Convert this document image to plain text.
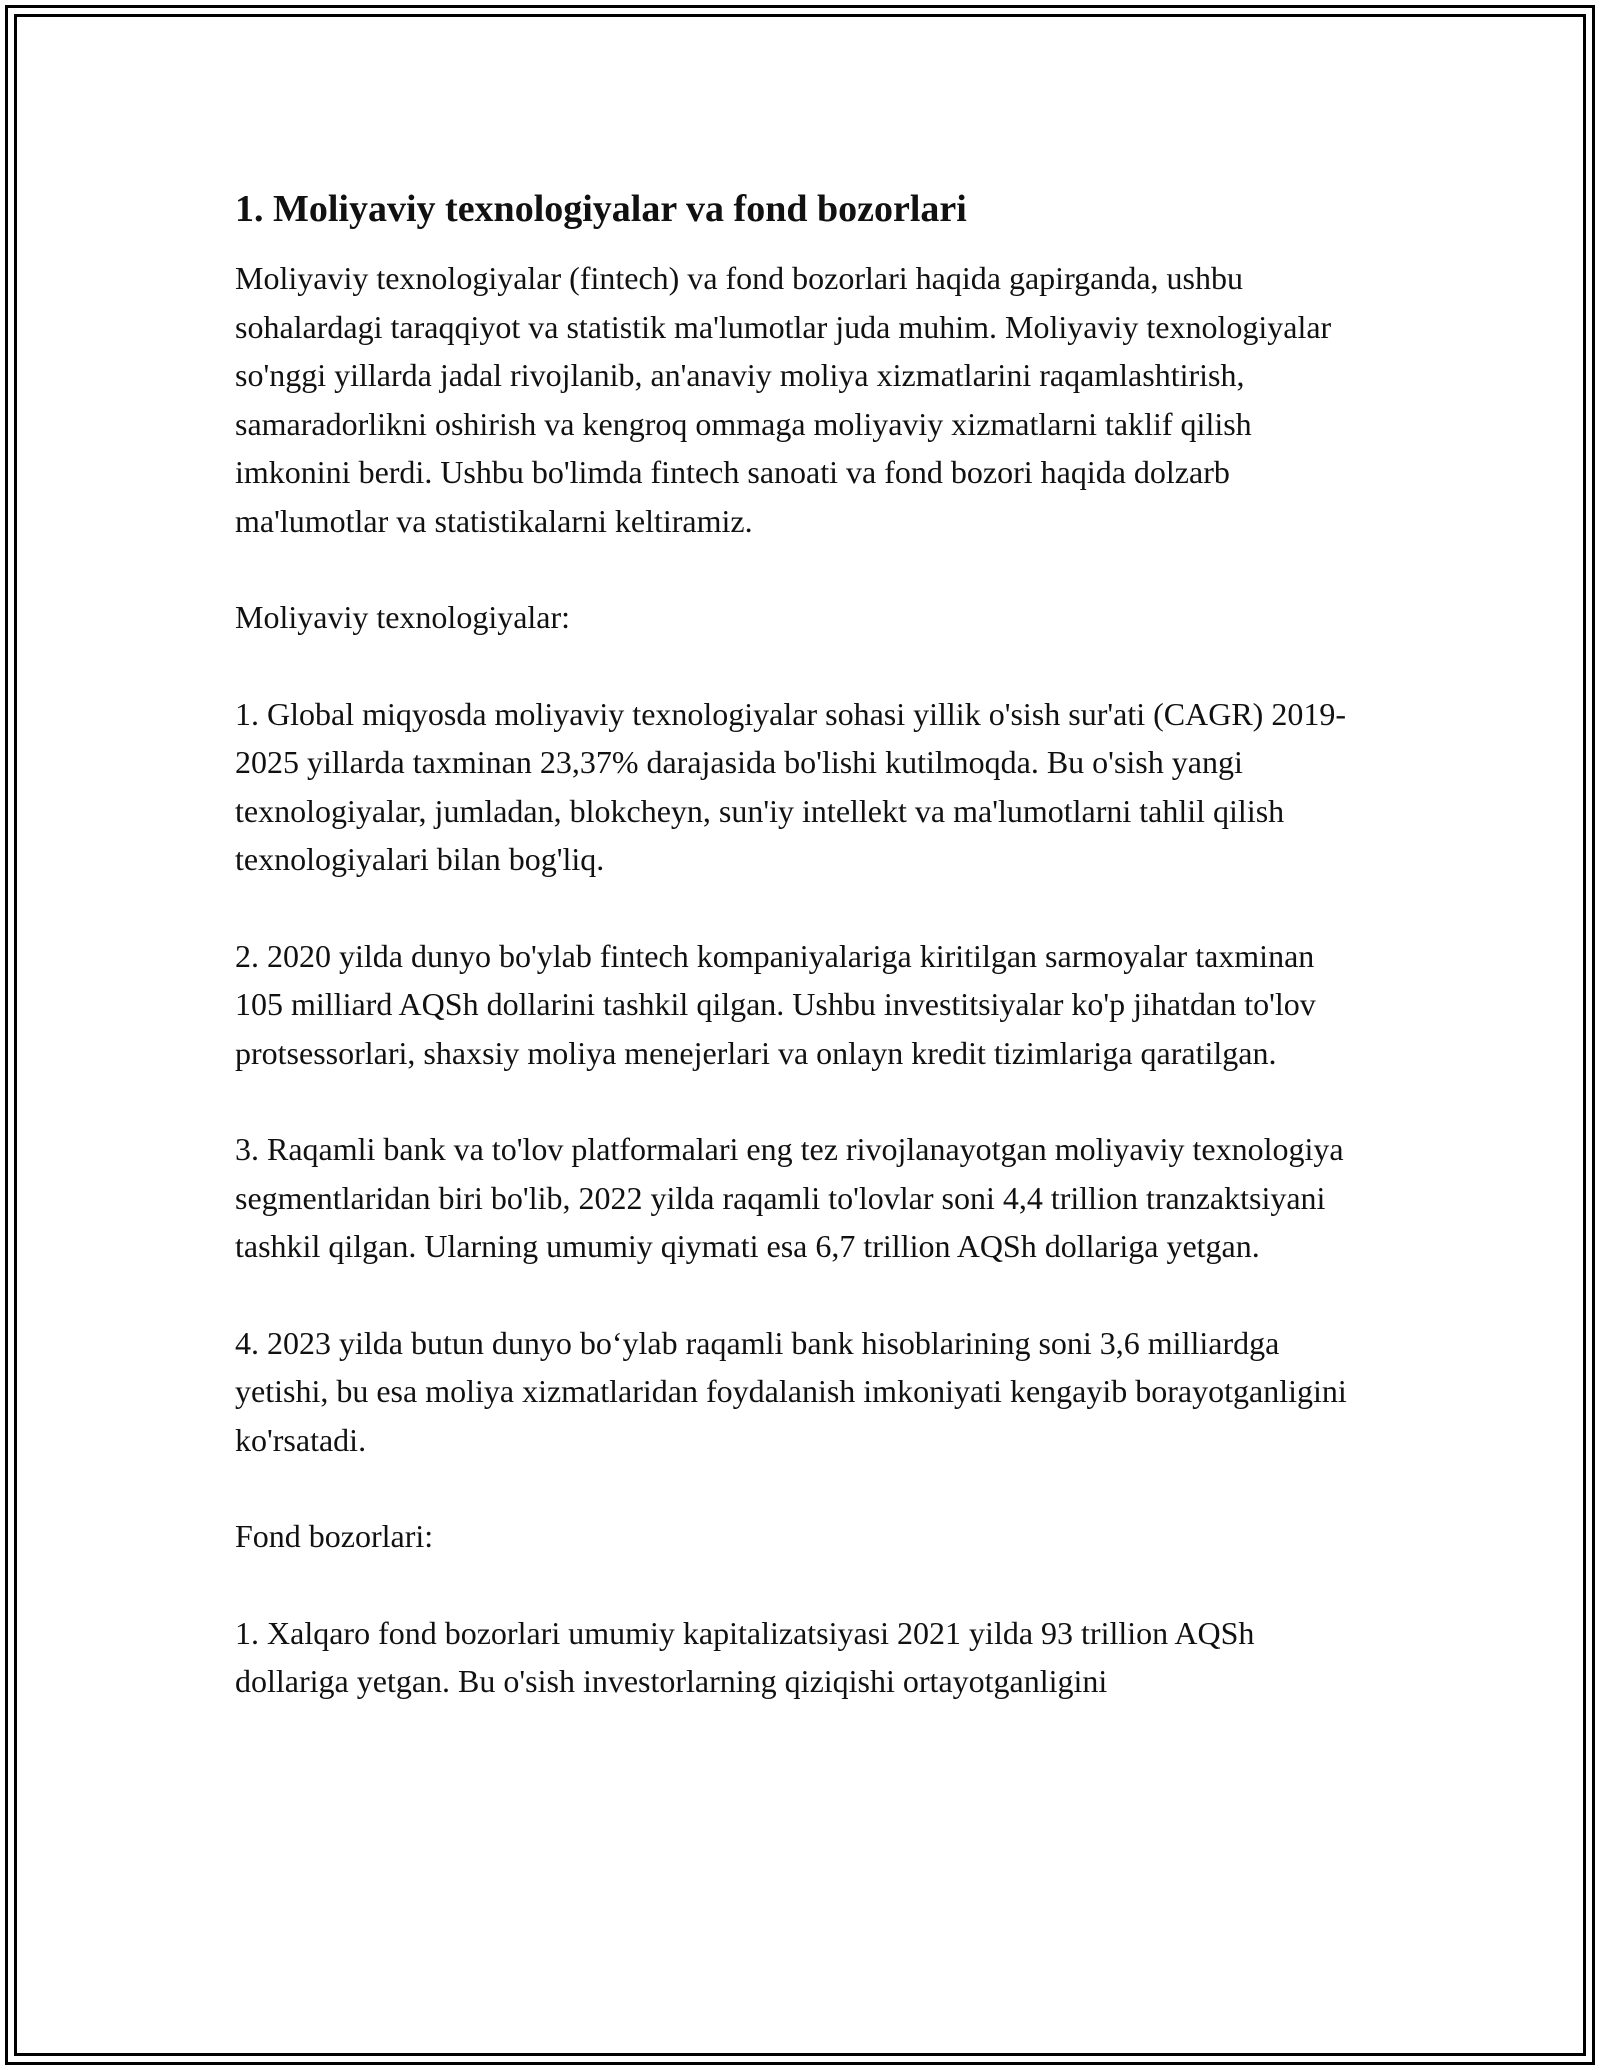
1. Moliyaviy texnologiyalar va fond bozorlari

Moliyaviy texnologiyalar (fintech) va fond bozorlari haqida gapirganda, ushbu sohalardagi taraqqiyot va statistik ma'lumotlar juda muhim. Moliyaviy texnologiyalar so'nggi yillarda jadal rivojlanib, an'anaviy moliya xizmatlarini raqamlashtirish, samaradorlikni oshirish va kengroq ommaga moliyaviy xizmatlarni taklif qilish imkonini berdi. Ushbu bo'limda fintech sanoati va fond bozori haqida dolzarb ma'lumotlar va statistikalarni keltiramiz.

Moliyaviy texnologiyalar:

1. Global miqyosda moliyaviy texnologiyalar sohasi yillik o'sish sur'ati (CAGR) 2019-2025 yillarda taxminan 23,37% darajasida bo'lishi kutilmoqda. Bu o'sish yangi texnologiyalar, jumladan, blokcheyn, sun'iy intellekt va ma'lumotlarni tahlil qilish texnologiyalari bilan bog'liq.

2. 2020 yilda dunyo bo'ylab fintech kompaniyalariga kiritilgan sarmoyalar taxminan 105 milliard AQSh dollarini tashkil qilgan. Ushbu investitsiyalar ko'p jihatdan to'lov protsessorlari, shaxsiy moliya menejerlari va onlayn kredit tizimlariga qaratilgan.

3. Raqamli bank va to'lov platformalari eng tez rivojlanayotgan moliyaviy texnologiya segmentlaridan biri bo'lib, 2022 yilda raqamli to'lovlar soni 4,4 trillion tranzaktsiyani tashkil qilgan. Ularning umumiy qiymati esa 6,7 trillion AQSh dollariga yetgan.

4. 2023 yilda butun dunyo bo‘ylab raqamli bank hisoblarining soni 3,6 milliardga yetishi, bu esa moliya xizmatlaridan foydalanish imkoniyati kengayib borayotganligini ko'rsatadi.

Fond bozorlari:

1. Xalqaro fond bozorlari umumiy kapitalizatsiyasi 2021 yilda 93 trillion AQSh dollariga yetgan. Bu o'sish investorlarning qiziqishi ortayotganligini
